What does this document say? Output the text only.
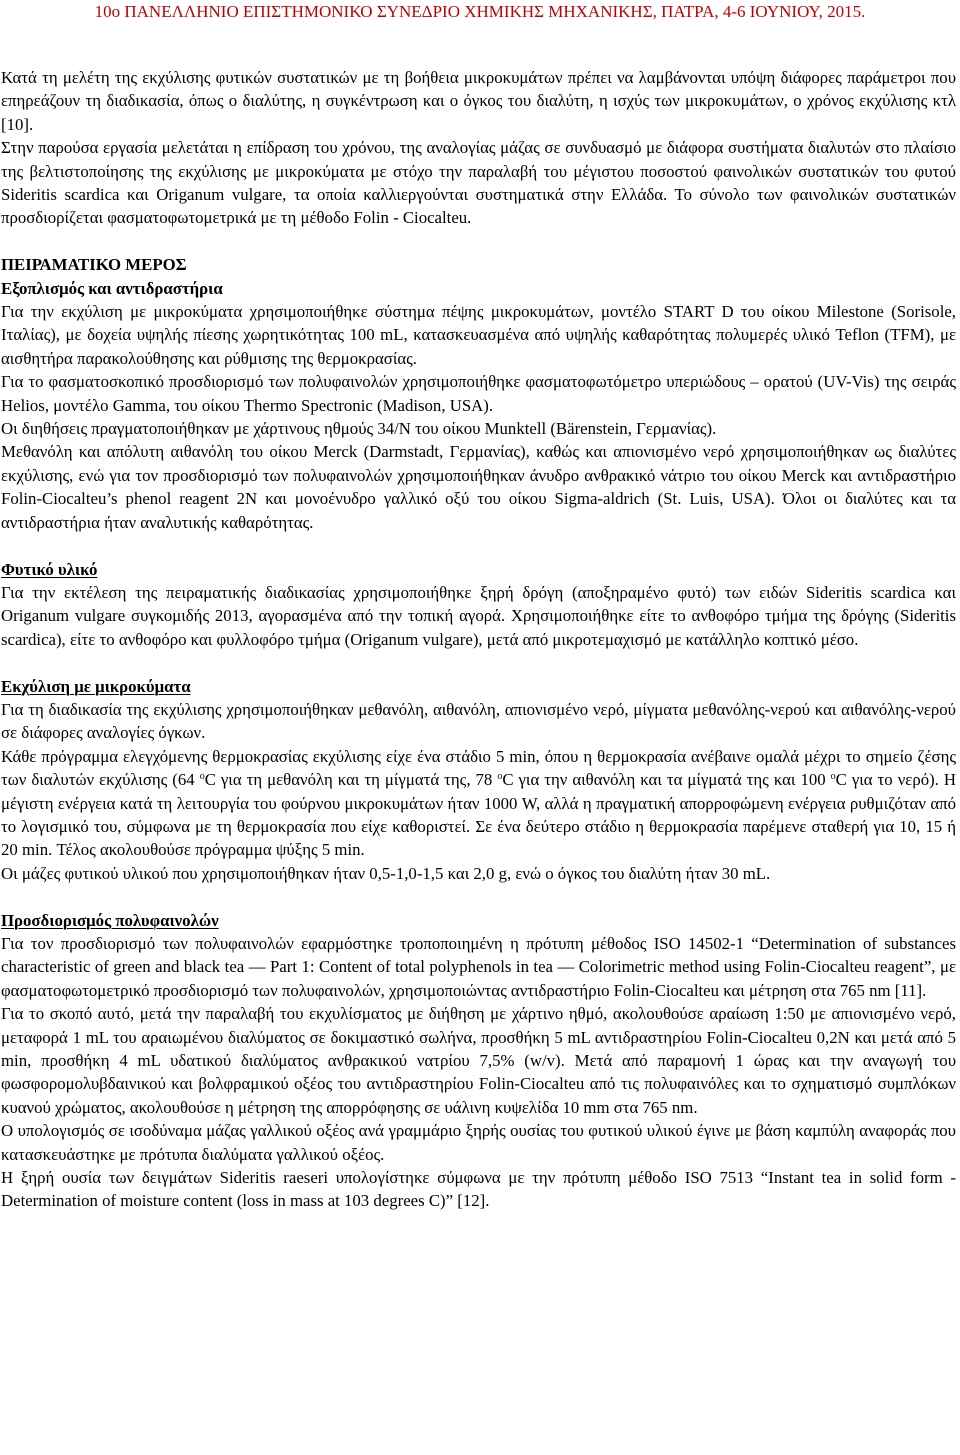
10ο ΠΑΝΕΛΛΗΝΙΟ ΕΠΙΣΤΗΜΟΝΙΚΟ ΣΥΝΕΔΡΙΟ ΧΗΜΙΚΗΣ ΜΗΧΑΝΙΚΗΣ, ΠΑΤΡΑ, 4-6 ΙΟΥΝΙΟΥ, 2015.

Κατά τη μελέτη της εκχύλισης φυτικών συστατικών με τη βοήθεια μικροκυμάτων πρέπει να λαμβάνονται υπόψη διάφορες παράμετροι που επηρεάζουν τη διαδικασία, όπως ο διαλύτης, η συγκέντρωση και ο όγκος του διαλύτη, η ισχύς των μικροκυμάτων, ο χρόνος εκχύλισης κτλ [10].

Στην παρούσα εργασία μελετάται η επίδραση του χρόνου, της αναλογίας μάζας σε συνδυασμό με διάφορα συστήματα διαλυτών στο πλαίσιο της βελτιστοποίησης της εκχύλισης με μικροκύματα με στόχο την παραλαβή του μέγιστου ποσοστού φαινολικών συστατικών του φυτού Sideritis scardica και Origanum vulgare, τα οποία καλλιεργούνται συστηματικά στην Ελλάδα. Το σύνολο των φαινολικών συστατικών προσδιορίζεται φασματοφωτομετρικά με τη μέθοδο Folin - Ciocalteu.

ΠΕΙΡΑΜΑΤΙΚΟ ΜΕΡΟΣ
Εξοπλισμός και αντιδραστήρια

Για την εκχύλιση με μικροκύματα χρησιμοποιήθηκε σύστημα πέψης μικροκυμάτων, μοντέλο START D του οίκου Milestone (Sorisole, Ιταλίας), με δοχεία υψηλής πίεσης χωρητικότητας 100 mL, κατασκευασμένα από υψηλής καθαρότητας πολυμερές υλικό Teflon (TFM), με αισθητήρα παρακολούθησης και ρύθμισης της θερμοκρασίας.

Για το φασματοσκοπικό προσδιορισμό των πολυφαινολών χρησιμοποιήθηκε φασματοφωτόμετρο υπεριώδους – ορατού (UV-Vis) της σειράς Helios, μοντέλο Gamma, του οίκου Thermo Spectronic (Madison, USA).

Οι διηθήσεις πραγματοποιήθηκαν με χάρτινους ηθμούς 34/N του οίκου Munktell (Bärenstein, Γερμανίας).

Μεθανόλη και απόλυτη αιθανόλη του οίκου Merck (Darmstadt, Γερμανίας), καθώς και απιονισμένο νερό χρησιμοποιήθηκαν ως διαλύτες εκχύλισης, ενώ για τον προσδιορισμό των πολυφαινολών χρησιμοποιήθηκαν άνυδρο ανθρακικό νάτριο του οίκου Merck και αντιδραστήριο Folin-Ciocalteu’s phenol reagent 2N και μονοένυδρο γαλλικό οξύ του οίκου Sigma-aldrich (St. Luis, USA). Όλοι οι διαλύτες και τα αντιδραστήρια ήταν αναλυτικής καθαρότητας.

Φυτικό υλικό

Για την εκτέλεση της πειραματικής διαδικασίας χρησιμοποιήθηκε ξηρή δρόγη (αποξηραμένο φυτό) των ειδών Sideritis scardica και Origanum vulgare συγκομιδής 2013, αγορασμένα από την τοπική αγορά. Χρησιμοποιήθηκε είτε το ανθοφόρο τμήμα της δρόγης (Sideritis scardica), είτε το ανθοφόρο και φυλλοφόρο τμήμα (Origanum vulgare), μετά από μικροτεμαχισμό με κατάλληλο κοπτικό μέσο.

Εκχύλιση με μικροκύματα

Για τη διαδικασία της εκχύλισης χρησιμοποιήθηκαν μεθανόλη, αιθανόλη, απιονισμένο νερό, μίγματα μεθανόλης-νερού και αιθανόλης-νερού σε διάφορες αναλογίες όγκων.

Κάθε πρόγραμμα ελεγχόμενης θερμοκρασίας εκχύλισης είχε ένα στάδιο 5 min, όπου η θερμοκρασία ανέβαινε ομαλά μέχρι το σημείο ζέσης των διαλυτών εκχύλισης (64 $^o$C για τη μεθανόλη και τη μίγματά της, 78 $^o$C για την αιθανόλη και τα μίγματά της και 100 $^o$C για το νερό). Η μέγιστη ενέργεια κατά τη λειτουργία του φούρνου μικροκυμάτων ήταν 1000 W, αλλά η πραγματική απορροφώμενη ενέργεια ρυθμιζόταν από το λογισμικό του, σύμφωνα με τη θερμοκρασία που είχε καθοριστεί. Σε ένα δεύτερο στάδιο η θερμοκρασία παρέμενε σταθερή για 10, 15 ή 20 min. Τέλος ακολουθούσε πρόγραμμα ψύξης 5 min.

Οι μάζες φυτικού υλικού που χρησιμοποιήθηκαν ήταν 0,5-1,0-1,5 και 2,0 g, ενώ ο όγκος του διαλύτη ήταν 30 mL.

Προσδιορισμός πολυφαινολών

Για τον προσδιορισμό των πολυφαινολών εφαρμόστηκε τροποποιημένη η πρότυπη μέθοδος ISO 14502-1 “Determination of substances characteristic of green and black tea — Part 1: Content of total polyphenols in tea — Colorimetric method using Folin-Ciocalteu reagent”, με φασματοφωτομετρικό προσδιορισμό των πολυφαινολών, χρησιμοποιώντας αντιδραστήριο Folin-Ciocalteu και μέτρηση στα 765 nm [11].

Για το σκοπό αυτό, μετά την παραλαβή του εκχυλίσματος με διήθηση με χάρτινο ηθμό, ακολουθούσε αραίωση 1:50 με απιονισμένο νερό, μεταφορά 1 mL του αραιωμένου διαλύματος σε δοκιμαστικό σωλήνα, προσθήκη 5 mL αντιδραστηρίου Folin-Ciocalteu 0,2N και μετά από 5 min, προσθήκη 4 mL υδατικού διαλύματος ανθρακικού νατρίου 7,5% (w/v). Μετά από παραμονή 1 ώρας και την αναγωγή του φωσφορομολυβδαινικού και βολφραμικού οξέος του αντιδραστηρίου Folin-Ciocalteu από τις πολυφαινόλες και το σχηματισμό συμπλόκων κυανού χρώματος, ακολουθούσε η μέτρηση της απορρόφησης σε υάλινη κυψελίδα 10 mm στα 765 nm.

Ο υπολογισμός σε ισοδύναμα μάζας γαλλικού οξέος ανά γραμμάριο ξηρής ουσίας του φυτικού υλικού έγινε με βάση καμπύλη αναφοράς που κατασκευάστηκε με πρότυπα διαλύματα γαλλικού οξέος.

Η ξηρή ουσία των δειγμάτων Sideritis raeseri υπολογίστηκε σύμφωνα με την πρότυπη μέθοδο ISO 7513 “Instant tea in solid form - Determination of moisture content (loss in mass at 103 degrees C)” [12].
